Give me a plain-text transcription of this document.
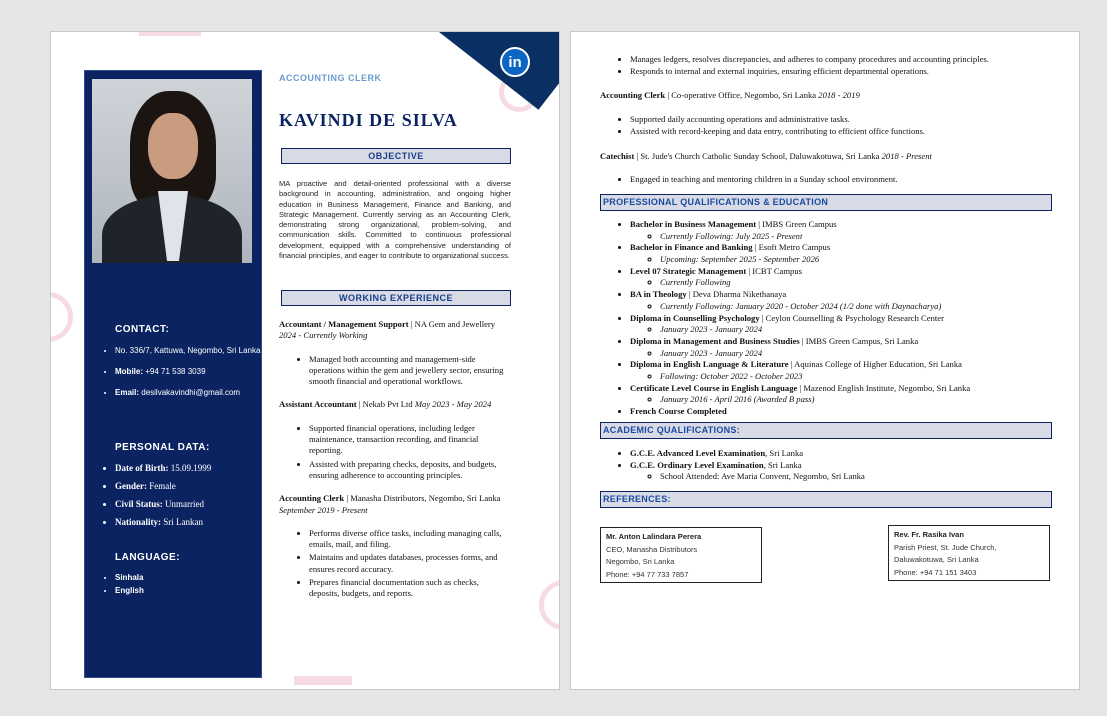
in
CONTACT:
• No. 336/7, Kattuwa, Negombo, Sri Lanka
• Mobile: +94 71 538 3039
• Email: desilvakavindhi@gmail.com
PERSONAL DATA:
• Date of Birth: 15.09.1999
• Gender: Female
• Civil Status: Unmarried
• Nationality: Sri Lankan
LANGUAGE:
• Sinhala
• English
ACCOUNTING CLERK
KAVINDI DE SILVA
OBJECTIVE

MA proactive and detail-oriented professional with a diverse background in accounting, administration, and ongoing higher education in Business Management, Finance and Banking, and Strategic Management. Currently serving as an Accounting Clerk, demonstrating strong organizational, problem-solving, and communication skills. Committed to continuous professional development, equipped with a comprehensive understanding of financial principles, and eager to contribute to organizational success.

WORKING EXPERIENCE

Accountant / Management Support | NA Gem and Jewellery 2024 - Currently Working

• Managed both accounting and management-side operations within the gem and jewellery sector, ensuring smooth financial and operational workflows.

Assistant Accountant | Nekab Pvt Ltd May 2023 - May 2024

• Supported financial operations, including ledger maintenance, transaction recording, and financial reporting.
• Assisted with preparing checks, deposits, and budgets, ensuring adherence to accounting principles.

Accounting Clerk | Manasha Distributors, Negombo, Sri Lanka September 2019 - Present

• Performs diverse office tasks, including managing calls, emails, mail, and filing.
• Maintains and updates databases, processes forms, and ensures record accuracy.
• Prepares financial documentation such as checks, deposits, budgets, and reports.
• Manages ledgers, resolves discrepancies, and adheres to company procedures and accounting principles.
• Responds to internal and external inquiries, ensuring efficient departmental operations.

Accounting Clerk | Co-operative Office, Negombo, Sri Lanka 2018 - 2019

• Supported daily accounting operations and administrative tasks.
• Assisted with record-keeping and data entry, contributing to efficient office functions.

Catechist | St. Jude's Church Catholic Sunday School, Daluwakotuwa, Sri Lanka 2018 - Present

• Engaged in teaching and mentoring children in a Sunday school environment.
PROFESSIONAL QUALIFICATIONS & EDUCATION
• Bachelor in Business Management | IMBS Green Campus
◦ Currently Following: July 2025 - Present
• Bachelor in Finance and Banking | Esoft Metro Campus
◦ Upcoming: September 2025 - September 2026
• Level 07 Strategic Management | ICBT Campus
◦ Currently Following
• BA in Theology | Deva Dharma Nikethanaya
◦ Currently Following: January 2020 - October 2024 (1/2 done with Daynacharya)
• Diploma in Counselling Psychology | Ceylon Counselling & Psychology Research Center
◦ January 2023 - January 2024
• Diploma in Management and Business Studies | IMBS Green Campus, Sri Lanka
◦ January 2023 - January 2024
• Diploma in English Language & Literature | Aquinas College of Higher Education, Sri Lanka
◦ Following: October 2022 - October 2023
• Certificate Level Course in English Language | Mazenod English Institute, Negombo, Sri Lanka
◦ January 2016 - April 2016 (Awarded B pass)
• French Course Completed
ACADEMIC QUALIFICATIONS:
• G.C.E. Advanced Level Examination, Sri Lanka
• G.C.E. Ordinary Level Examination, Sri Lanka
◦ School Attended: Ave Maria Convent, Negombo, Sri Lanka
REFERENCES:
Mr. Anton Lalindara Perera
CEO, Manasha Distributors
Negombo, Sri Lanka
Phone: +94 77 733 7857
Rev. Fr. Rasika Ivan
Parish Priest, St. Jude Church,
Daluwakotuwa, Sri Lanka
Phone: +94 71 151 3403
